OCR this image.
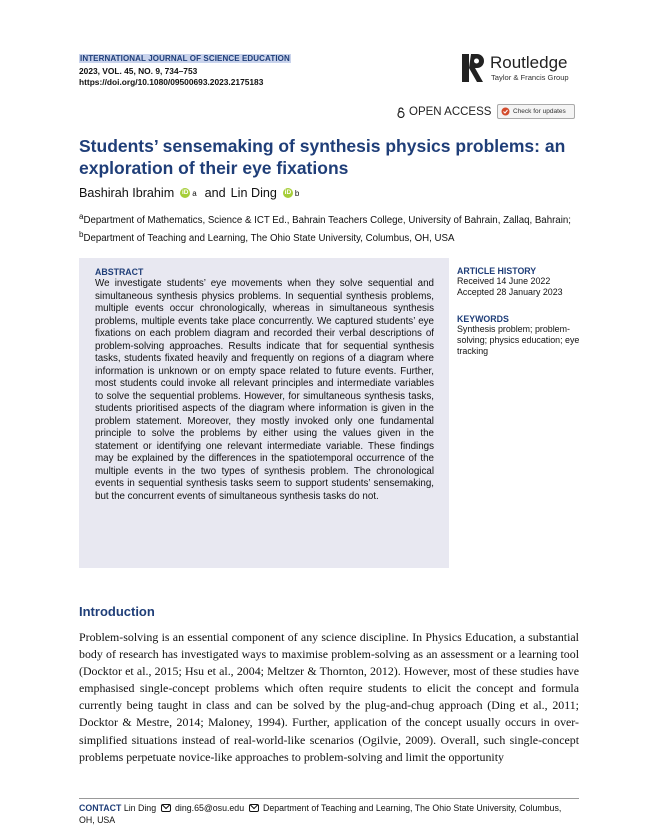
INTERNATIONAL JOURNAL OF SCIENCE EDUCATION
2023, VOL. 45, NO. 9, 734–753
https://doi.org/10.1080/09500693.2023.2175183
Routledge
Taylor & Francis Group
OPEN ACCESS	Check for updates
Students’ sensemaking of synthesis physics problems: an exploration of their eye fixations
Bashirah Ibrahim iD a and Lin Ding iD b
$^a$Department of Mathematics, Science & ICT Ed., Bahrain Teachers College, University of Bahrain, Zallaq, Bahrain; $^b$Department of Teaching and Learning, The Ohio State University, Columbus, OH, USA
ABSTRACT
We investigate students’ eye movements when they solve sequential and simultaneous synthesis physics problems. In sequential synthesis problems, multiple events occur chronologically, whereas in simultaneous synthesis problems, multiple events take place concurrently. We captured students’ eye fixations on each problem diagram and recorded their verbal descriptions of problem-solving approaches. Results indicate that for sequential synthesis tasks, students fixated heavily and frequently on regions of a diagram where information is unknown or on empty space related to future events. Further, most students could invoke all relevant principles and intermediate variables to solve the sequential problems. However, for simultaneous synthesis tasks, students prioritised aspects of the diagram where information is given in the problem statement. Moreover, they mostly invoked only one fundamental principle to solve the problems by either using the values given in the statement or identifying one relevant intermediate variable. These findings may be explained by the differences in the spatiotemporal occurrence of the multiple events in the two types of synthesis problem. The chronological events in sequential synthesis tasks seem to support students’ sensemaking, but the concurrent events of simultaneous synthesis tasks do not.
ARTICLE HISTORY
Received 14 June 2022
Accepted 28 January 2023
KEYWORDS
Synthesis problem; problem-solving; physics education; eye tracking
Introduction
Problem-solving is an essential component of any science discipline. In Physics Education, a substantial body of research has investigated ways to maximise problem-solving as an assessment or a learning tool (Docktor et al., 2015; Hsu et al., 2004; Meltzer & Thornton, 2012). However, most of these studies have emphasised single-concept problems which often require students to elicit the concept and formula currently being taught in class and can be solved by the plug-and-chug approach (Ding et al., 2011; Docktor & Mestre, 2014; Maloney, 1994). Further, application of the concept usually occurs in over-simplified situations instead of real-world-like scenarios (Ogilvie, 2009). Overall, such single-concept problems perpetuate novice-like approaches to problem-solving and limit the opportunity
CONTACT Lin Ding ding.65@osu.edu Department of Teaching and Learning, The Ohio State University, Columbus, OH, USA
